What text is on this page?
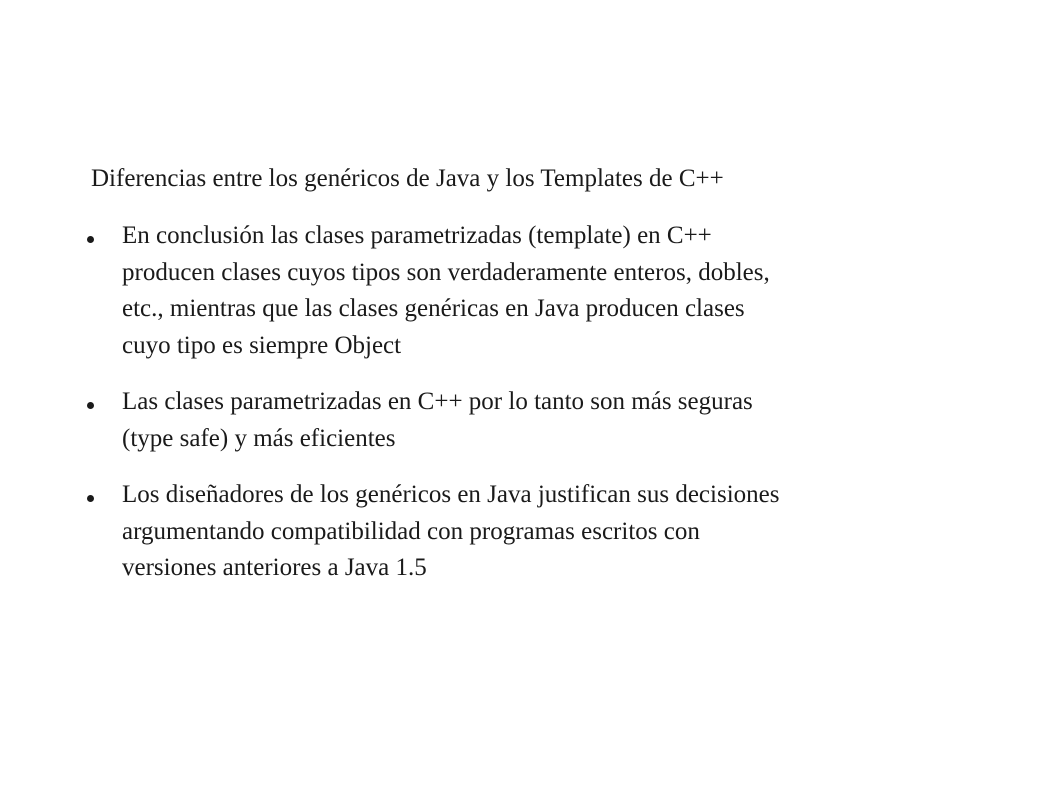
Diferencias entre los genéricos de Java y los Templates de C++
En conclusión las clases parametrizadas (template) en C++
producen clases cuyos tipos son verdaderamente enteros, dobles,
etc., mientras que las clases genéricas en Java producen clases
cuyo tipo es siempre Object
Las clases parametrizadas en C++ por lo tanto son más seguras
(type safe) y más eficientes
Los diseñadores de los genéricos en Java justifican sus decisiones
argumentando compatibilidad con programas escritos con
versiones anteriores a Java 1.5
